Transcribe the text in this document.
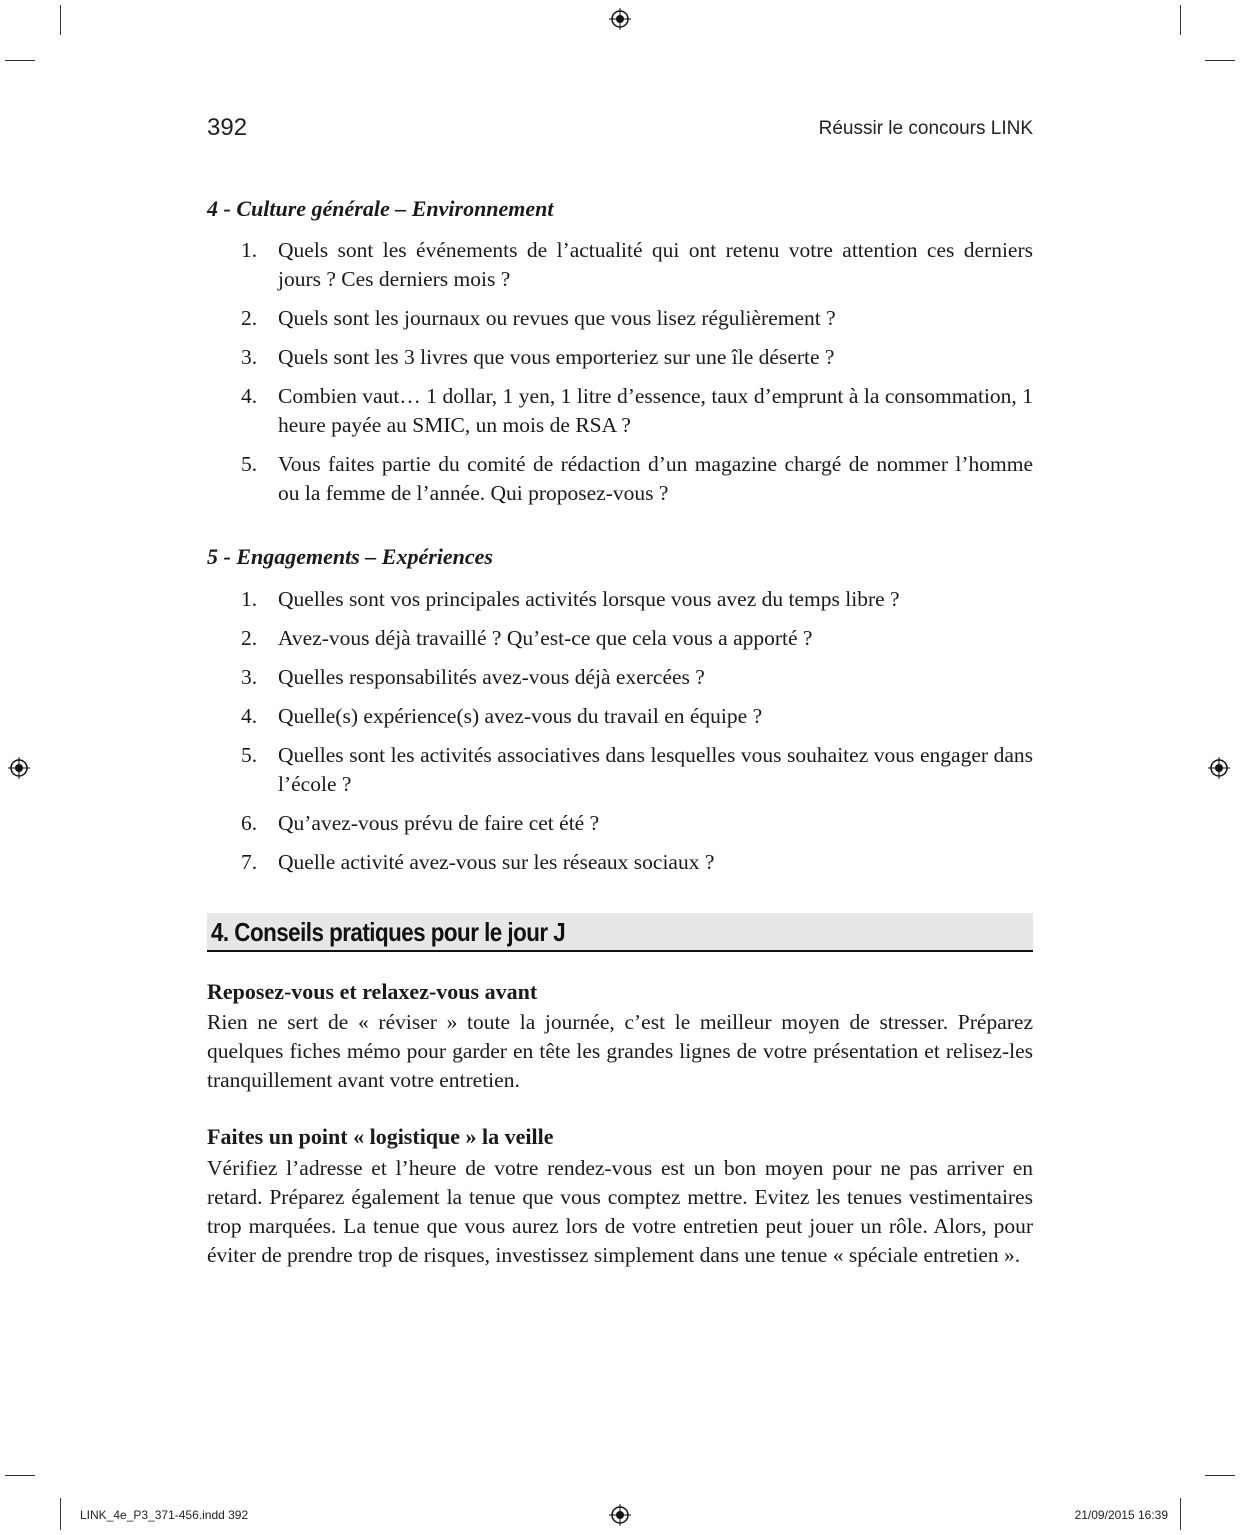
392	Réussir le concours LINK
4 - Culture générale – Environnement
1. Quels sont les événements de l’actualité qui ont retenu votre attention ces derniers jours ? Ces derniers mois ?
2. Quels sont les journaux ou revues que vous lisez régulièrement ?
3. Quels sont les 3 livres que vous emporteriez sur une île déserte ?
4. Combien vaut… 1 dollar, 1 yen, 1 litre d’essence, taux d’emprunt à la consommation, 1 heure payée au SMIC, un mois de RSA ?
5. Vous faites partie du comité de rédaction d’un magazine chargé de nommer l’homme ou la femme de l’année. Qui proposez-vous ?
5 - Engagements – Expériences
1. Quelles sont vos principales activités lorsque vous avez du temps libre ?
2. Avez-vous déjà travaillé ? Qu’est-ce que cela vous a apporté ?
3. Quelles responsabilités avez-vous déjà exercées ?
4. Quelle(s) expérience(s) avez-vous du travail en équipe ?
5. Quelles sont les activités associatives dans lesquelles vous souhaitez vous engager dans l’école ?
6. Qu’avez-vous prévu de faire cet été ?
7. Quelle activité avez-vous sur les réseaux sociaux ?
4. Conseils pratiques pour le jour J
Reposez-vous et relaxez-vous avant

Rien ne sert de « réviser » toute la journée, c’est le meilleur moyen de stresser. Préparez quelques fiches mémo pour garder en tête les grandes lignes de votre présentation et relisez-les tranquillement avant votre entretien.

Faites un point « logistique » la veille

Vérifiez l’adresse et l’heure de votre rendez-vous est un bon moyen pour ne pas arriver en retard. Préparez également la tenue que vous comptez mettre. Evitez les tenues vestimentaires trop marquées. La tenue que vous aurez lors de votre entretien peut jouer un rôle. Alors, pour éviter de prendre trop de risques, investissez simplement dans une tenue « spéciale entretien ».

LINK_4e_P3_371-456.indd 392	21/09/2015 16:39
